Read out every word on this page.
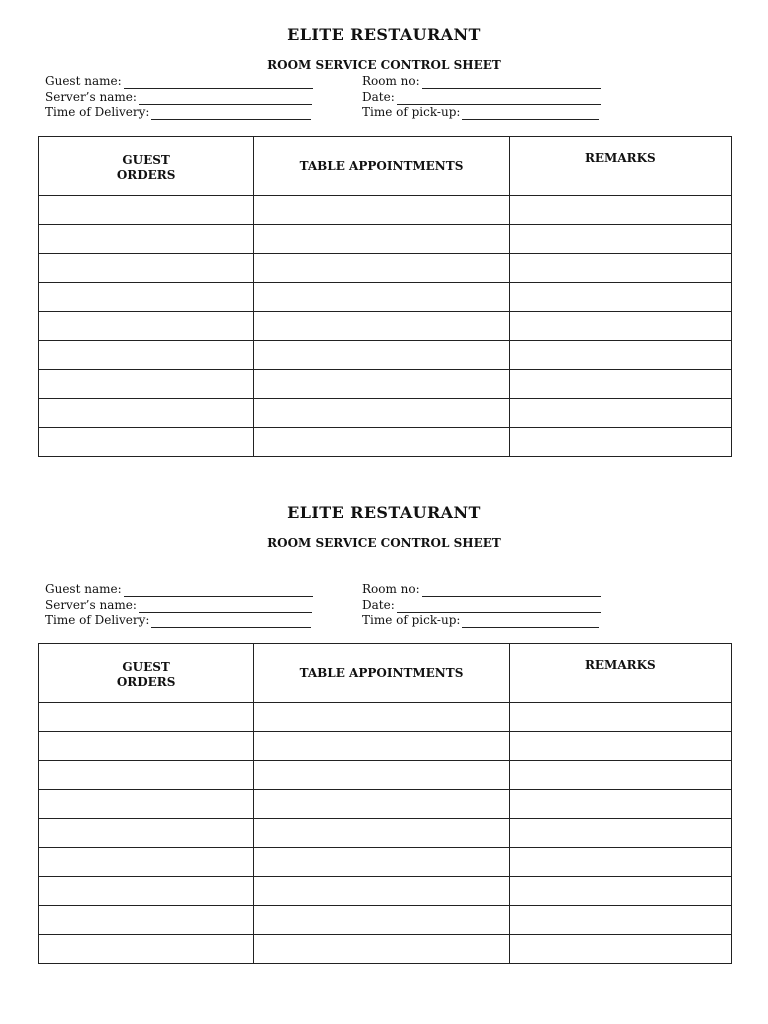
ELITE RESTAURANT
ROOM SERVICE CONTROL SHEET
Guest name:
Server’s name:
Time of Delivery:
Room no:
Date:
Time of pick-up:
GUEST
ORDERS	TABLE APPOINTMENTS	REMARKS

ELITE RESTAURANT
ROOM SERVICE CONTROL SHEET
Guest name:
Server’s name:
Time of Delivery:
Room no:
Date:
Time of pick-up:
GUEST
ORDERS	TABLE APPOINTMENTS	REMARKS
